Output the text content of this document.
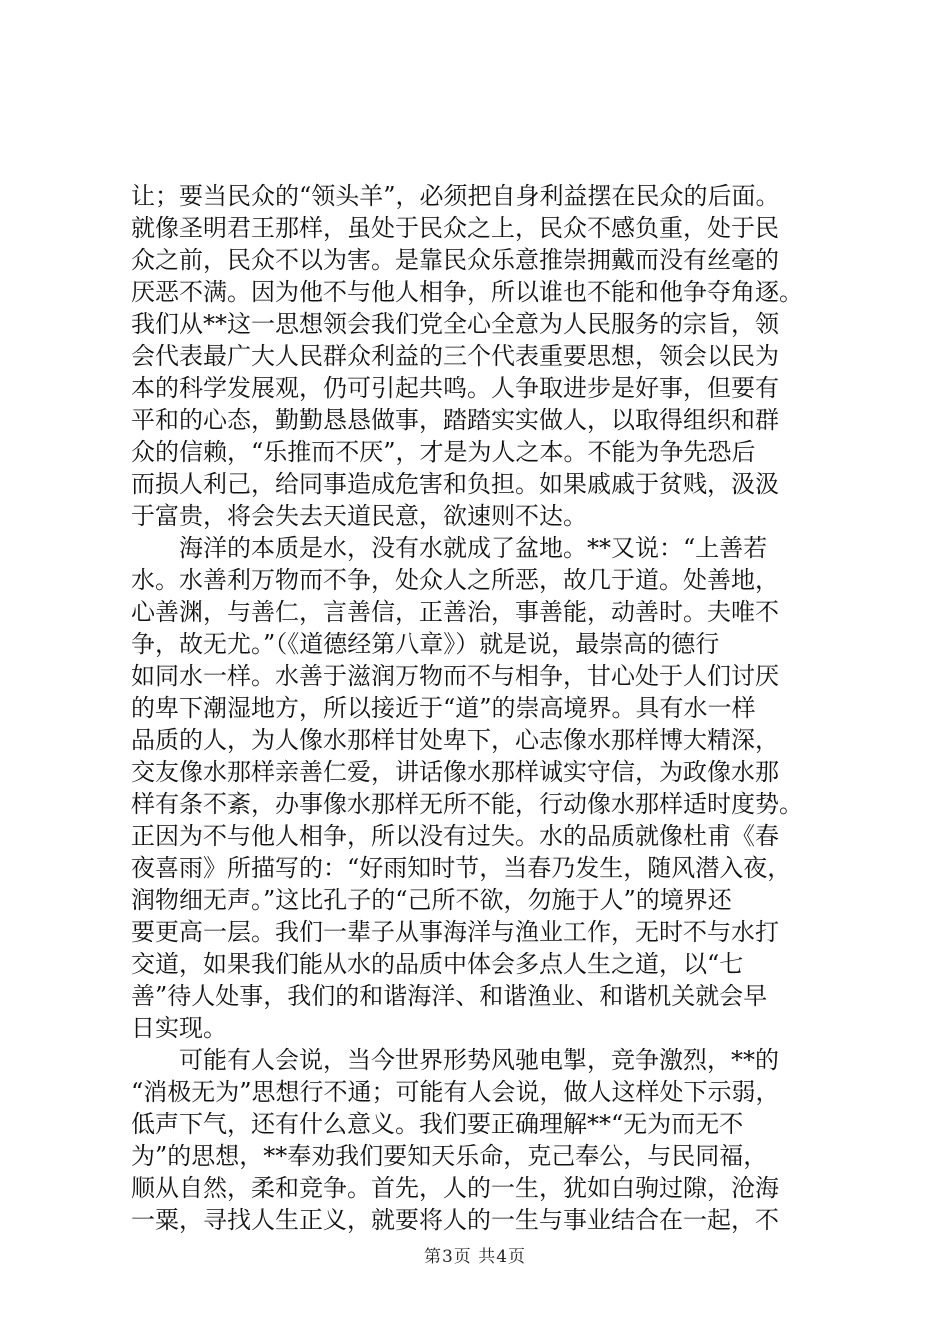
让；要当民众的“领头羊”，必须把自身利益摆在民众的后面。
就像圣明君王那样，虽处于民众之上，民众不感负重，处于民
众之前，民众不以为害。是靠民众乐意推崇拥戴而没有丝毫的
厌恶不满。因为他不与他人相争，所以谁也不能和他争夺角逐。
我们从**这一思想领会我们党全心全意为人民服务的宗旨，领
会代表最广大人民群众利益的三个代表重要思想，领会以民为
本的科学发展观，仍可引起共鸣。人争取进步是好事，但要有
平和的心态，勤勤恳恳做事，踏踏实实做人，以取得组织和群
众的信赖，“乐推而不厌”，才是为人之本。不能为争先恐后
而损人利己，给同事造成危害和负担。如果戚戚于贫贱，汲汲
于富贵，将会失去天道民意，欲速则不达。
　　海洋的本质是水，没有水就成了盆地。**又说：“上善若
水。水善利万物而不争，处众人之所恶，故几于道。处善地，
心善渊，与善仁，言善信，正善治，事善能，动善时。夫唯不
争，故无尤。”（《道德经第八章》）就是说，最崇高的德行
如同水一样。水善于滋润万物而不与相争，甘心处于人们讨厌
的卑下潮湿地方，所以接近于“道”的崇高境界。具有水一样
品质的人，为人像水那样甘处卑下，心志像水那样博大精深，
交友像水那样亲善仁爱，讲话像水那样诚实守信，为政像水那
样有条不紊，办事像水那样无所不能，行动像水那样适时度势。
正因为不与他人相争，所以没有过失。水的品质就像杜甫《春
夜喜雨》所描写的：“好雨知时节，当春乃发生，随风潜入夜，
润物细无声。”这比孔子的“己所不欲，勿施于人”的境界还
要更高一层。我们一辈子从事海洋与渔业工作，无时不与水打
交道，如果我们能从水的品质中体会多点人生之道，以“七
善”待人处事，我们的和谐海洋、和谐渔业、和谐机关就会早
日实现。
　　可能有人会说，当今世界形势风驰电掣，竞争激烈，**的
“消极无为”思想行不通；可能有人会说，做人这样处下示弱，
低声下气，还有什么意义。我们要正确理解**“无为而无不
为”的思想，**奉劝我们要知天乐命，克己奉公，与民同福，
顺从自然，柔和竞争。首先，人的一生，犹如白驹过隙，沧海
一粟，寻找人生正义，就要将人的一生与事业结合在一起，不
第3页 共4页
